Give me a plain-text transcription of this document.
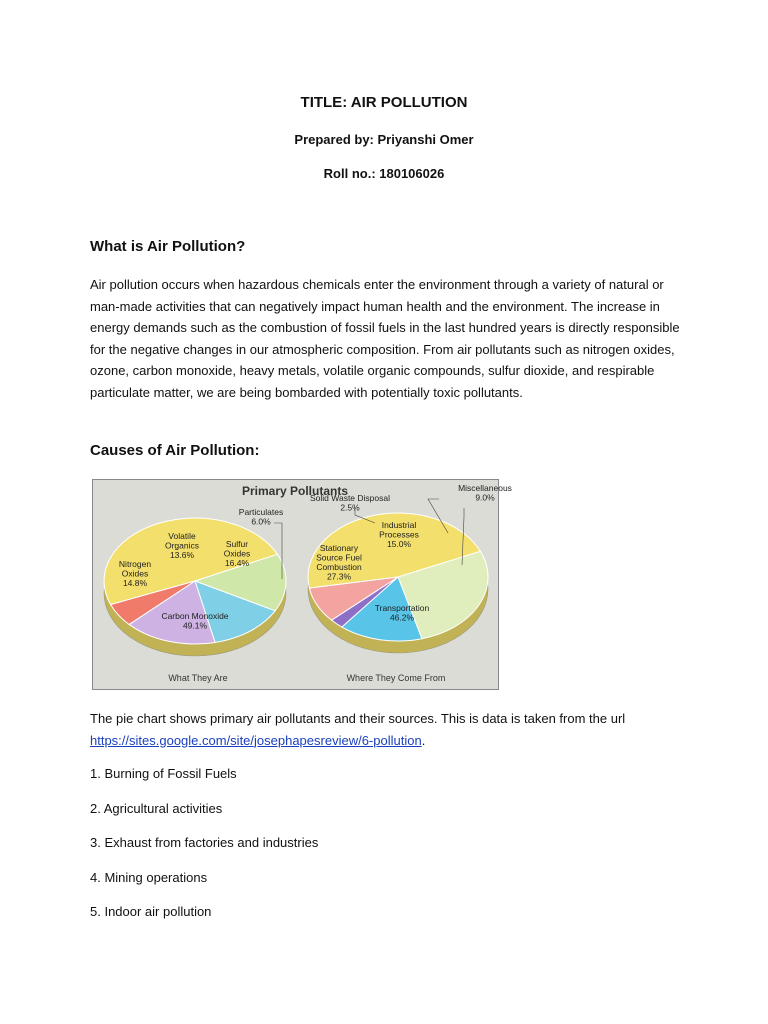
TITLE: AIR POLLUTION
Prepared by: Priyanshi Omer
Roll no.: 180106026
What is Air Pollution?
Air pollution occurs when hazardous chemicals enter the environment through a variety of natural or man-made activities that can negatively impact human health and the environment. The increase in energy demands such as the combustion of fossil fuels in the last hundred years is directly responsible for the negative changes in our atmospheric composition. From air pollutants such as nitrogen oxides, ozone, carbon monoxide, heavy metals, volatile organic compounds, sulfur dioxide, and respirable particulate matter, we are being bombarded with potentially toxic pollutants.
Causes of Air Pollution:
Carbon Monoxide 49.1%
Nitrogen Oxides 14.8%
Volatile Organics 13.6%
Sulfur Oxides 16.4%
Particulates 6.0%
Transportation 46.2%
Stationary Source Fuel Combustion 27.3%
Industrial Processes 15.0%
Solid Waste Disposal 2.5%
Miscellaneous 9.0%
Primary Pollutants
What They Are	Where They Come From
The pie chart shows primary air pollutants and their sources. This is data is taken from the url https://sites.google.com/site/josephapesreview/6-pollution.
1. Burning of Fossil Fuels
2. Agricultural activities
3. Exhaust from factories and industries
4. Mining operations
5. Indoor air pollution
